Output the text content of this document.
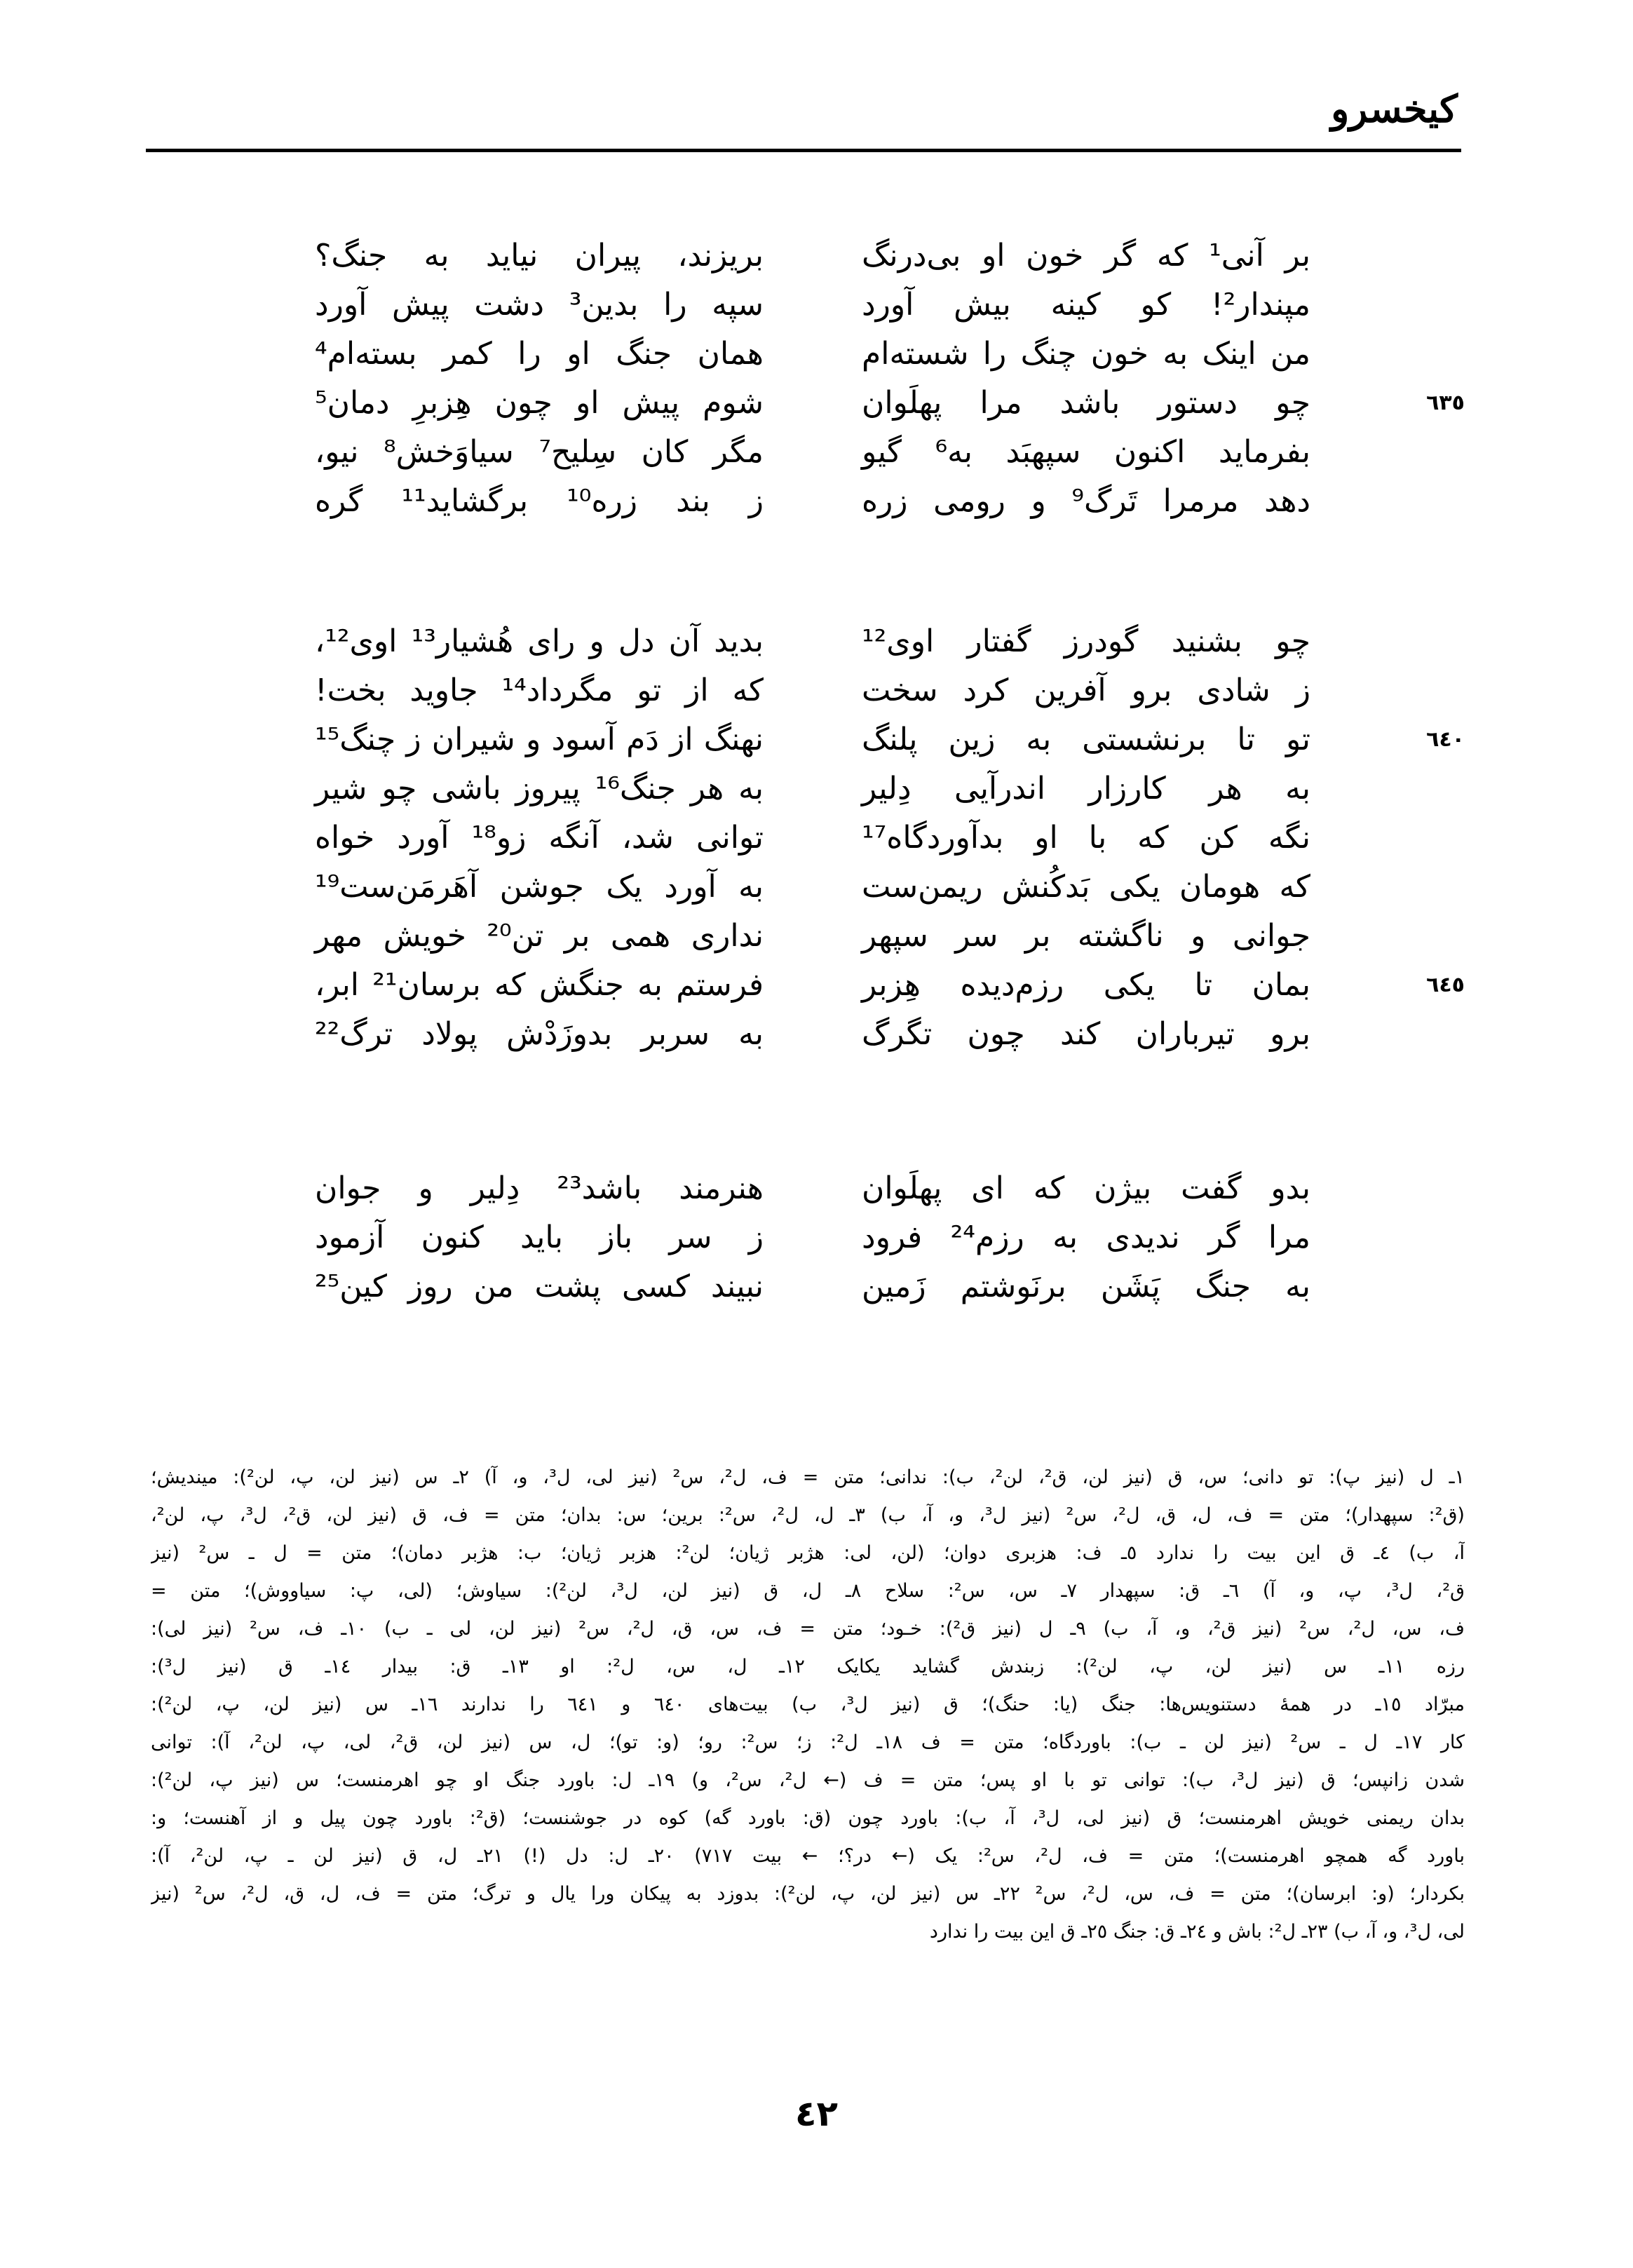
کیخسرو
بر آنی¹ که گر خون او بی‌درنگ
بریزند، پیران نیاید به جنگ؟
مپندار²! کو کینه بیش آورد
سپه را بدین³ دشت پیش آورد
من اینک به خون چنگ را شسته‌ام
همان جنگ او را کمر بسته‌ام⁴
٦٣٥
چو دستور باشد مرا پهلَوان
شوم پیش او چون هِزبرِ دمان⁵
بفرماید اکنون سپهبَد به⁶ گیو
مگر کان سِلیح⁷ سیاوَخش⁸ نیو،
دهد مرمرا تَرگ⁹ و رومی زره
ز بند زره¹⁰ برگشاید¹¹ گره
چو بشنید گودرز گفتار اوی¹²
بدید آن دل و رای هُشیار¹³ اوی¹²،
ز شادی برو آفرین کرد سخت
که از تو مگرداد¹⁴ جاوید بخت!
٦٤٠
تو تا برنشستی به زین پلنگ
نهنگ از دَم آسود و شیران ز چنگ¹⁵
به هر کارزار اندرآیی دِلیر
به هر جنگ¹⁶ پیروز باشی چو شیر
نگه کن که با او بدآوردگاه¹⁷
توانی شد، آنگه زو¹⁸ آورد خواه
که هومان یکی بَدکُنش ریمن‌ست
به آورد یک جوشن آهَرمَن‌ست¹⁹
جوانی و ناگشته بر سر سپهر
نداری همی بر تن²⁰ خویش مهر
٦٤٥
بمان تا یکی رزم‌دیده هِزبر
فرستم به جنگش که برسان²¹ ابر،
برو تیرباران کند چون تگرگ
به سربر بدوزَدْش پولاد ترگ²²
بدو گفت بیژن که ای پهلَوان
هنرمند باشد²³ دِلیر و جوان
مرا گر ندیدی به رزم²⁴ فرود
ز سر باز باید کنون آزمود
به جنگ پَشَن برنَوشتم زَمین
نبیند کسی پشت من روز کین²⁵
١ـ ل (نیز پ): تو دانی؛ س، ق (نیز لن، ق²، لن²، ب): ندانی؛ متن = ف، ل²، س² (نیز لی، ل³، و، آ) ٢ـ س (نیز لن، پ، لن²): میندیش؛
(ق²: سپهدار)؛ متن = ف، ل، ق، ل²، س² (نیز ل³، و، آ، ب) ٣ـ ل، ل²، س²: برین؛ س: بدان؛ متن = ف، ق (نیز لن، ق²، ل³، پ، لن²،
آ، ب) ٤ـ ق این بیت را ندارد ٥ـ ف: هزبری دوان؛ (لن، لی: هژبر ژیان؛ لن²: هزبر ژیان؛ ب: هژبر دمان)؛ متن = ل ـ س² (نیز
ق²، ل³، پ، و، آ) ٦ـ ق: سپهدار ٧ـ س، س²: سلاح ٨ـ ل، ق (نیز لن، ل³، لن²): سیاوش؛ (لی، پ: سیاووش)؛ متن =
ف، س، ل²، س² (نیز ق²، و، آ، ب) ٩ـ ل (نیز ق²): خـود؛ متن = ف، س، ق، ل²، س² (نیز لن، لی ـ ب) ١٠ـ ف، س² (نیز لی):
رزه ١١ـ س (نیز لن، پ، لن²): زبندش گشاید یکایک ١٢ـ ل، س، ل²: او ١٣ـ ق: بیدار ١٤ـ ق (نیز ل³):
مبرّاد ١٥ـ در همهٔ دستنویس‌ها: جنگ (یا: حنگ)؛ ق (نیز ل³، ب) بیت‌های ٦٤٠ و ٦٤١ را ندارند ١٦ـ س (نیز لن، پ، لن²):
کار ١٧ـ ل ـ س² (نیز لن ـ ب): باوردگاه؛ متن = ف ١٨ـ ل²: ز؛ س²: رو؛ (و: تو)؛ ل، س (نیز لن، ق²، لی، پ، لن²، آ): توانی
شدن زانپس؛ ق (نیز ل³، ب): توانی تو با او پس؛ متن = ف (← ل²، س²، و) ١٩ـ ل: باورد جنگ او چو اهرمنست؛ س (نیز پ، لن²):
بدان ریمنی خویش اهرمنست؛ ق (نیز لی، ل³، آ، ب): باورد چون (ق: باورد گه) کوه در جوشنست؛ (ق²: باورد چون پیل و از آهنست؛ و:
باورد گه همچو اهرمنست)؛ متن = ف، ل²، س²: یک (← در؟؛ ← بیت ٧١٧) ٢٠ـ ل: دل (!) ٢١ـ ل، ق (نیز لن ـ پ، لن²، آ):
بکردار؛ (و: ابرسان)؛ متن = ف، س، ل²، س² ٢٢ـ س (نیز لن، پ، لن²): بدوزد به پیکان ورا یال و ترگ؛ متن = ف، ل، ق، ل²، س² (نیز
لی، ل³، و، آ، ب) ٢٣ـ ل²: باش و ٢٤ـ ق: جنگ ٢٥ـ ق این بیت را ندارد
٤٢
